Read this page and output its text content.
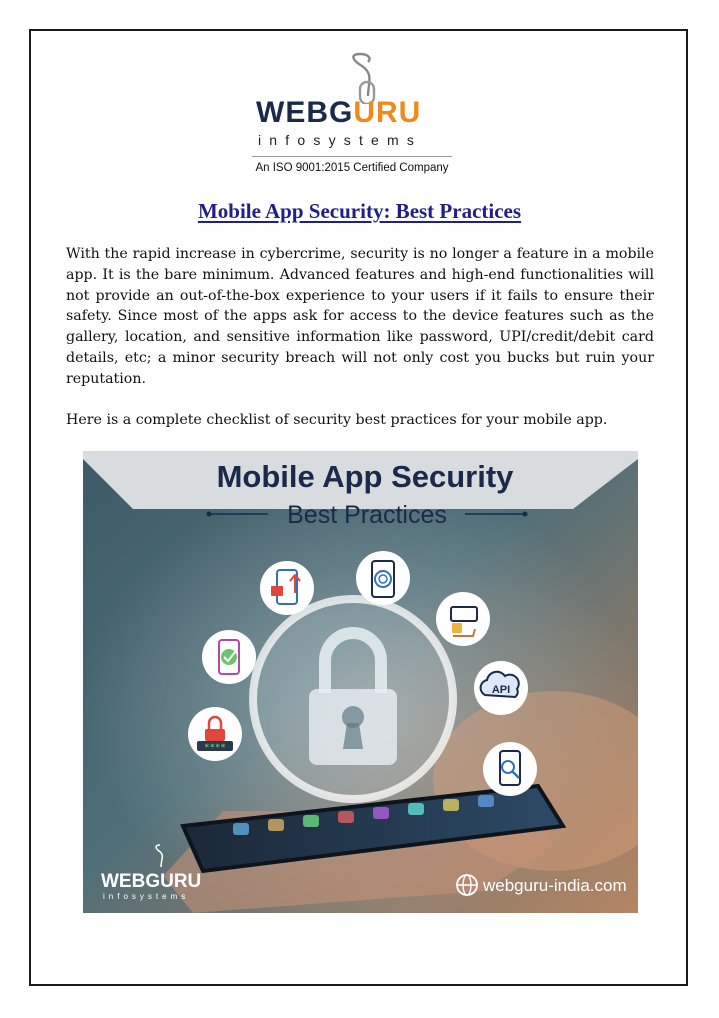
WEBGURU
infosystems
An ISO 9001:2015 Certified Company
Mobile App Security: Best Practices

With the rapid increase in cybercrime, security is no longer a feature in a mobile app. It is the bare minimum. Advanced features and high-end functionalities will not provide an out-of-the-box experience to your users if it fails to ensure their safety. Since most of the apps ask for access to the device features such as the gallery, location, and sensitive information like password, UPI/credit/debit card details, etc; a minor security breach will not only cost you bucks but ruin your reputation.

Here is a complete checklist of security best practices for your mobile app.

Mobile App Security
Best Practices
API
****
WEBGURU
infosystems
webguru-india.com
